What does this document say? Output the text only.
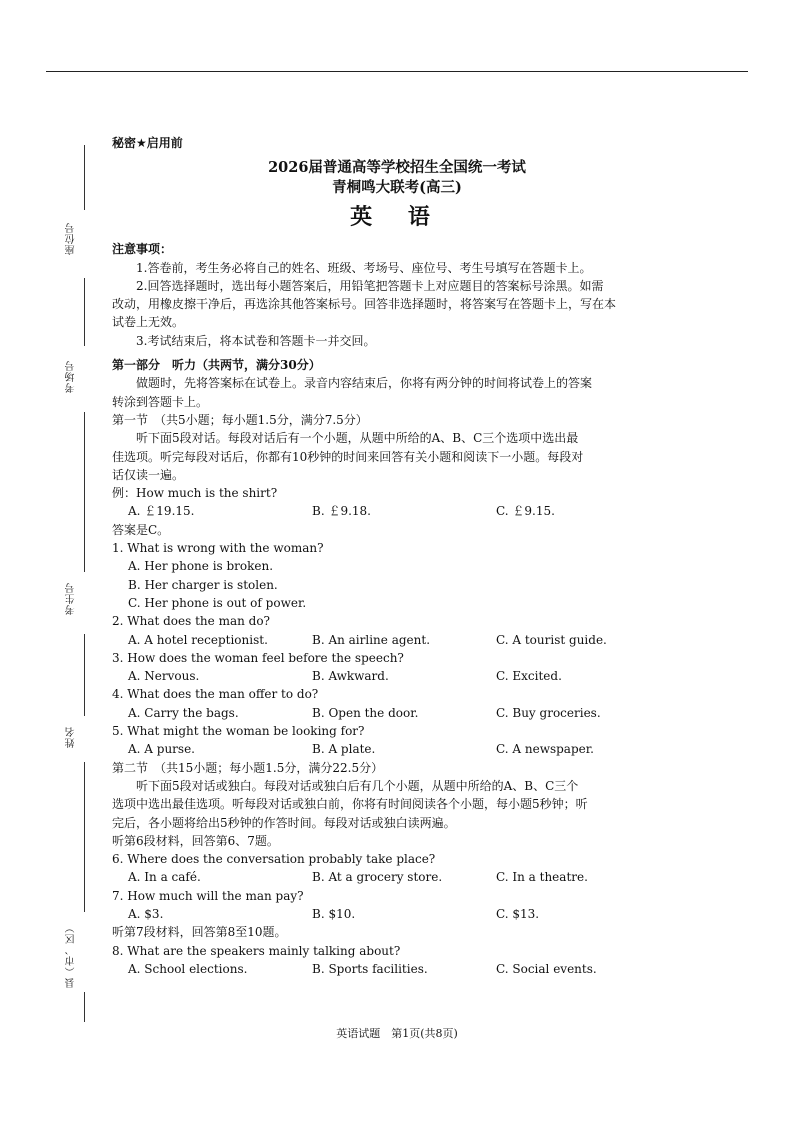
座位号
考场号
考生号
姓名
县（市、区）
秘密★启用前
2026届普通高等学校招生全国统一考试
青桐鸣大联考(高三)
英 语
注意事项：
1.答卷前，考生务必将自己的姓名、班级、考场号、座位号、考生号填写在答题卡上。
2.回答选择题时，选出每小题答案后，用铅笔把答题卡上对应题目的答案标号涂黑。如需
改动，用橡皮擦干净后，再选涂其他答案标号。回答非选择题时，将答案写在答题卡上，写在本
试卷上无效。
3.考试结束后，将本试卷和答题卡一并交回。
第一部分　听力（共两节，满分30分）
做题时，先将答案标在试卷上。录音内容结束后，你将有两分钟的时间将试卷上的答案
转涂到答题卡上。
第一节　（共5小题；每小题1.5分，满分7.5分）
听下面5段对话。每段对话后有一个小题，从题中所给的A、B、C三个选项中选出最
佳选项。听完每段对话后，你都有10秒钟的时间来回答有关小题和阅读下一小题。每段对
话仅读一遍。
例：How much is the shirt?
A. ￡19.15.	B. ￡9.18.	C. ￡9.15.
答案是C。
1. What is wrong with the woman?
A. Her phone is broken.
B. Her charger is stolen.
C. Her phone is out of power.
2. What does the man do?
A. A hotel receptionist.	B. An airline agent.	C. A tourist guide.
3. How does the woman feel before the speech?
A. Nervous.	B. Awkward.	C. Excited.
4. What does the man offer to do?
A. Carry the bags.	B. Open the door.	C. Buy groceries.
5. What might the woman be looking for?
A. A purse.	B. A plate.	C. A newspaper.
第二节　（共15小题；每小题1.5分，满分22.5分）
听下面5段对话或独白。每段对话或独白后有几个小题，从题中所给的A、B、C三个
选项中选出最佳选项。听每段对话或独白前，你将有时间阅读各个小题，每小题5秒钟；听
完后，各小题将给出5秒钟的作答时间。每段对话或独白读两遍。
听第6段材料，回答第6、7题。
6. Where does the conversation probably take place?
A. In a café.	B. At a grocery store.	C. In a theatre.
7. How much will the man pay?
A. $3.	B. $10.	C. $13.
听第7段材料，回答第8至10题。
8. What are the speakers mainly talking about?
A. School elections.	B. Sports facilities.	C. Social events.
英语试题　第1页(共8页)
